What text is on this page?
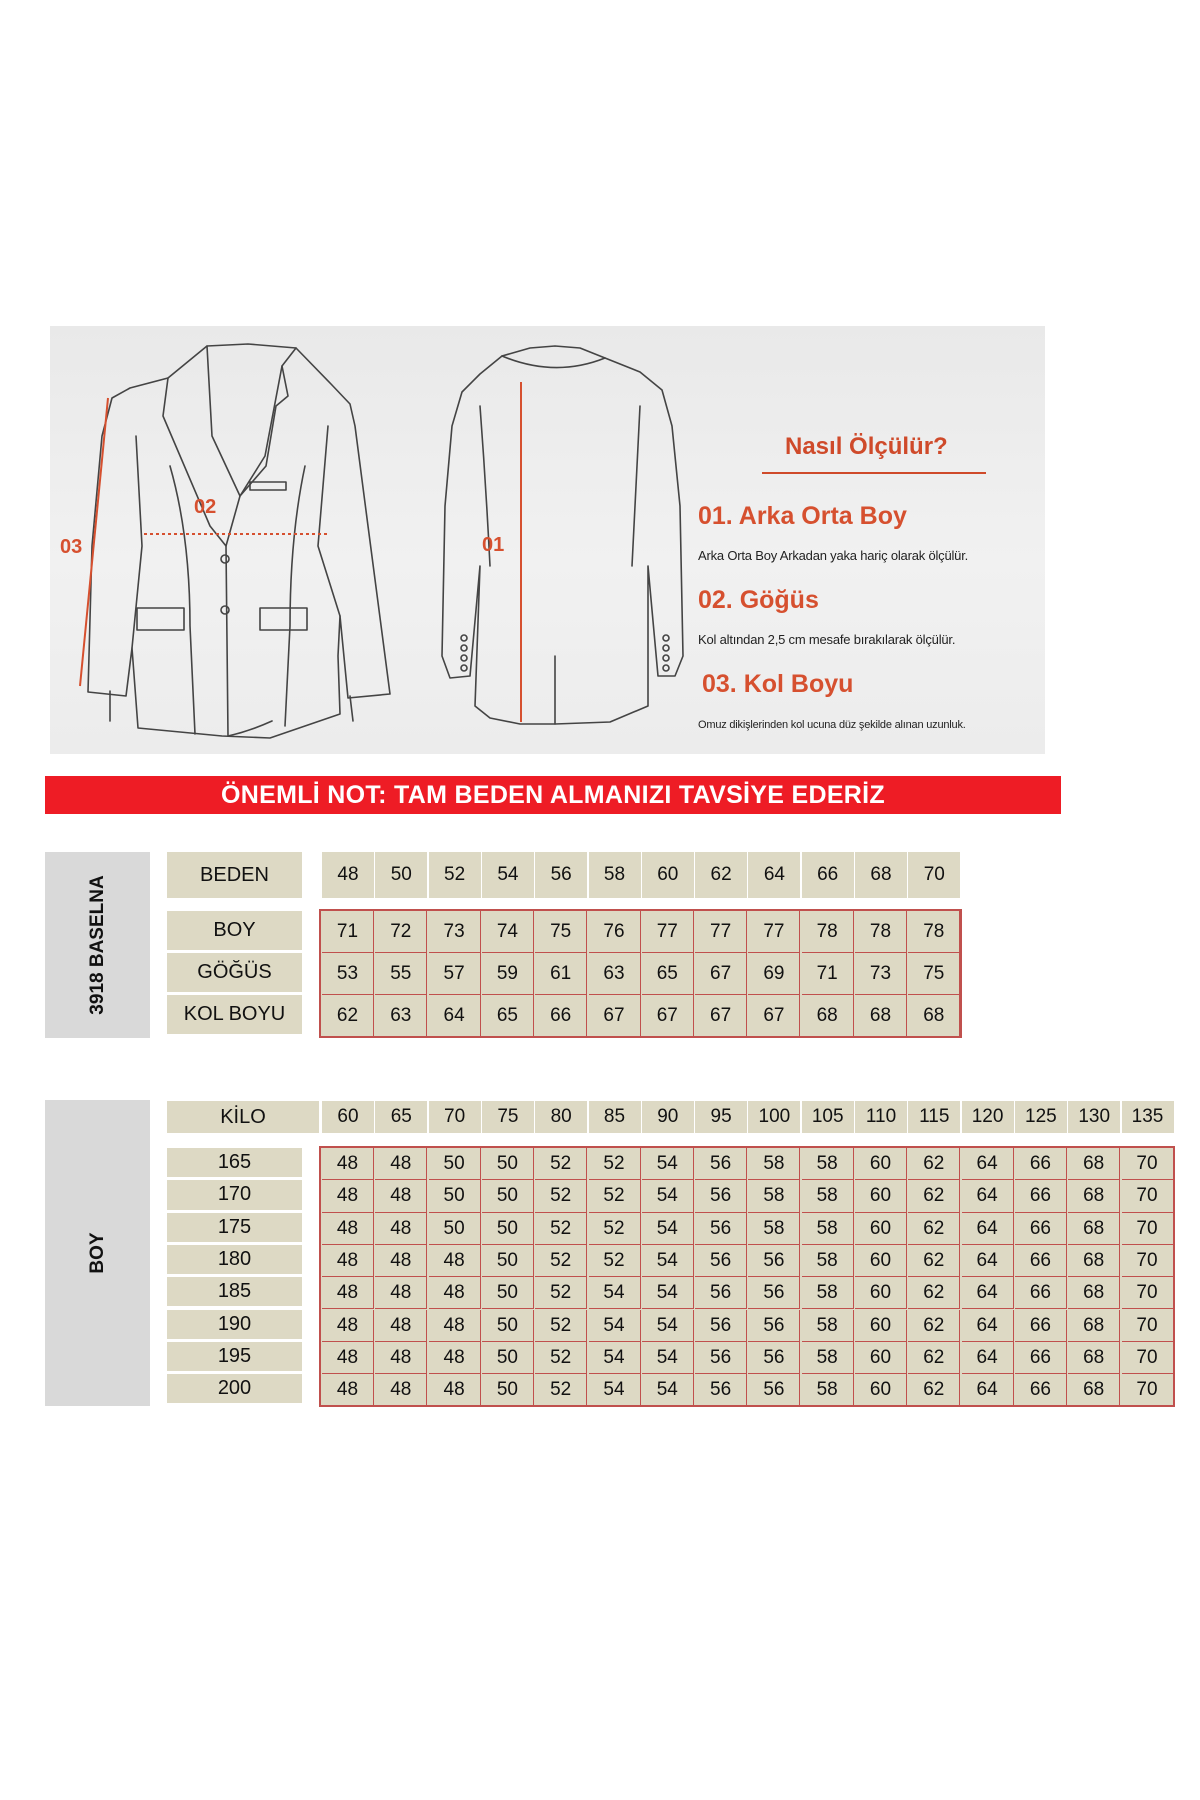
02
03	01
Nasıl Ölçülür?
01. Arka Orta Boy
Arka Orta Boy Arkadan yaka hariç olarak ölçülür.
02. Göğüs
Kol altından 2,5 cm mesafe bırakılarak ölçülür.
03. Kol Boyu
Omuz dikişlerinden kol ucuna düz şekilde alınan uzunluk.
ÖNEMLİ NOT: TAM BEDEN ALMANIZI TAVSİYE EDERİZ
3918 BASELNA
BEDEN	48	50	52	54	56	58	60	62	64	66	68	70
BOY	71	72	73	74	75	76	77	77	77	78	78	78
GÖĞÜS	53	55	57	59	61	63	65	67	69	71	73	75
KOL BOYU	62	63	64	65	66	67	67	67	67	68	68	68
BOY
KİLO	60	65	70	75	80	85	90	95	100	105	110	115	120	125	130	135
165	48	48	50	50	52	52	54	56	58	58	60	62	64	66	68	70
170	48	48	50	50	52	52	54	56	58	58	60	62	64	66	68	70
175	48	48	50	50	52	52	54	56	58	58	60	62	64	66	68	70
180	48	48	48	50	52	52	54	56	56	58	60	62	64	66	68	70
185	48	48	48	50	52	54	54	56	56	58	60	62	64	66	68	70
190	48	48	48	50	52	54	54	56	56	58	60	62	64	66	68	70
195	48	48	48	50	52	54	54	56	56	58	60	62	64	66	68	70
200	48	48	48	50	52	54	54	56	56	58	60	62	64	66	68	70
